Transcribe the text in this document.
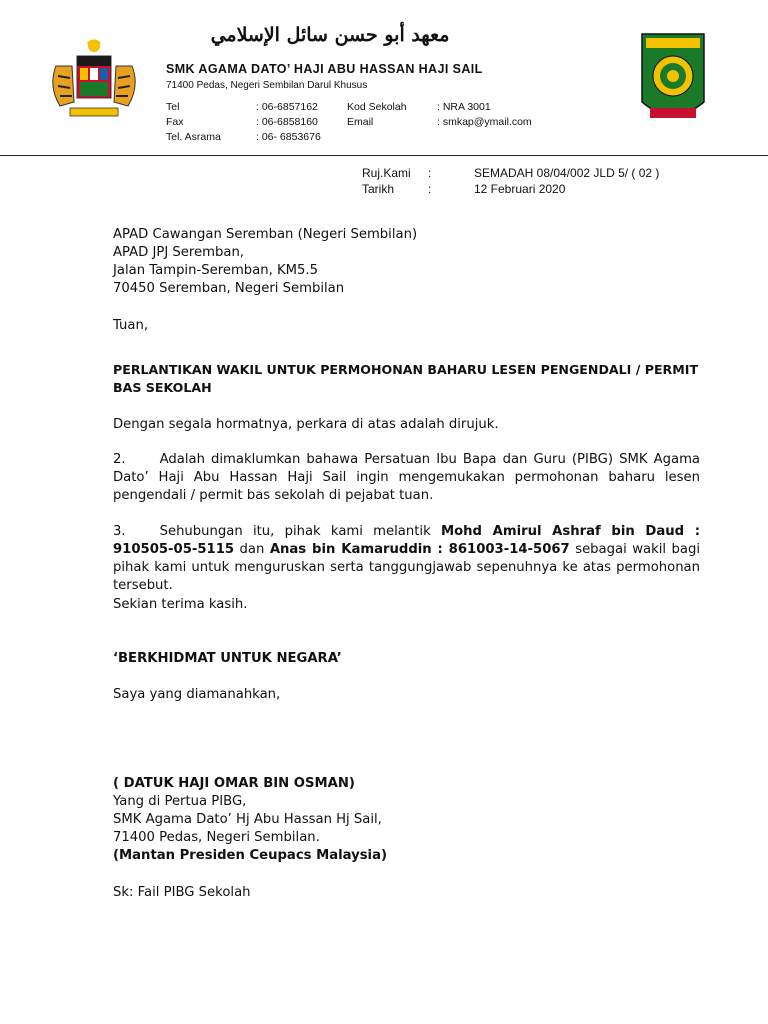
معهد أبو حسن سائل الإسلامي
SMK AGAMA DATO’ HAJI ABU HASSAN HAJI SAIL
71400 Pedas, Negeri Sembilan Darul Khusus
Tel	: 06-6857162
Fax	: 06-6858160
Tel. Asrama	: 06- 6853676
Kod Sekolah	: NRA 3001
Email	: smkap@ymail.com
Ruj.Kami :	SEMADAH 08/04/002 JLD 5/ ( 02 )
Tarikh	:	12 Februari 2020
APAD Cawangan Seremban (Negeri Sembilan)
APAD JPJ Seremban,
Jalan Tampin-Seremban, KM5.5
70450 Seremban, Negeri Sembilan
Tuan,
PERLANTIKAN WAKIL UNTUK PERMOHONAN BAHARU LESEN PENGENDALI / PERMIT
BAS SEKOLAH
Dengan segala hormatnya, perkara di atas adalah dirujuk.
2.	Adalah dimaklumkan bahawa Persatuan Ibu Bapa dan Guru (PIBG) SMK Agama Dato’ Haji Abu Hassan Haji Sail ingin mengemukakan permohonan baharu lesen pengendali / permit bas sekolah di pejabat tuan.
3.	Sehubungan itu, pihak kami melantik Mohd Amirul Ashraf bin Daud : 910505-05-5115 dan Anas bin Kamaruddin : 861003-14-5067 sebagai wakil bagi pihak kami untuk menguruskan serta tanggungjawab sepenuhnya ke atas permohonan tersebut.
Sekian terima kasih.
‘BERKHIDMAT UNTUK NEGARA’
Saya yang diamanahkan,
( DATUK HAJI OMAR BIN OSMAN)
Yang di Pertua PIBG,
SMK Agama Dato’ Hj Abu Hassan Hj Sail,
71400 Pedas, Negeri Sembilan.
(Mantan Presiden Ceupacs Malaysia)
Sk: Fail PIBG Sekolah
